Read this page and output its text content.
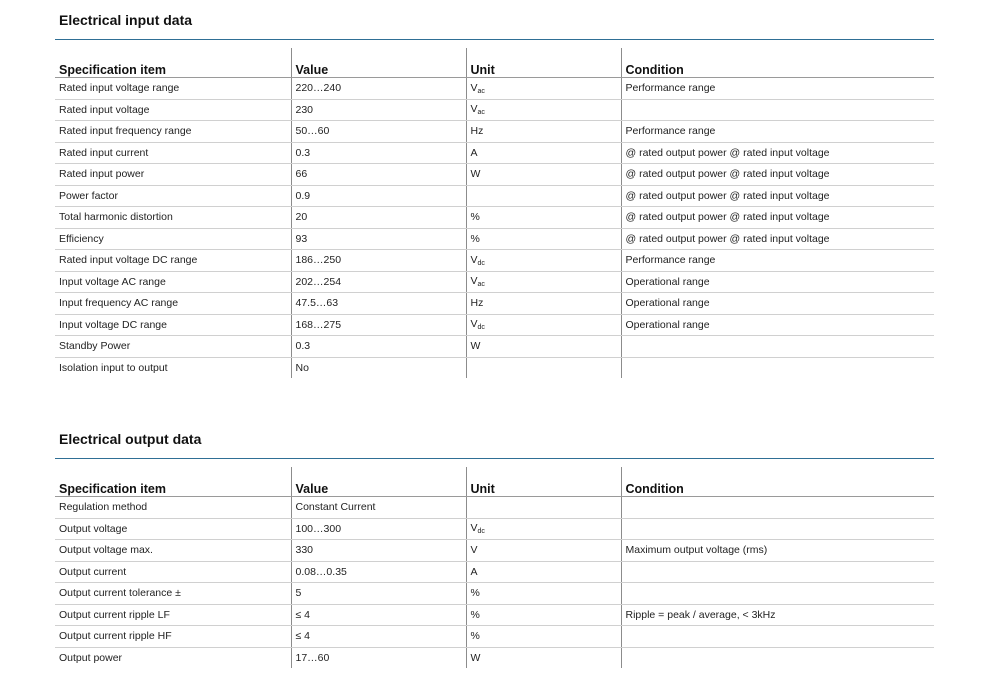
Electrical input data
Specification item	Value	Unit	Condition
Rated input voltage range	220…240	$V_{ac}$	Performance range
Rated input voltage	230	$V_{ac}$	
Rated input frequency range	50…60	Hz	Performance range
Rated input current	0.3	A	@ rated output power @ rated input voltage
Rated input power	66	W	@ rated output power @ rated input voltage
Power factor	0.9		@ rated output power @ rated input voltage
Total harmonic distortion	20	%	@ rated output power @ rated input voltage
Efficiency	93	%	@ rated output power @ rated input voltage
Rated input voltage DC range	186…250	$V_{dc}$	Performance range
Input voltage AC range	202…254	$V_{ac}$	Operational range
Input frequency AC range	47.5…63	Hz	Operational range
Input voltage DC range	168…275	$V_{dc}$	Operational range
Standby Power	0.3	W	
Isolation input to output	No		
Electrical output data
Specification item	Value	Unit	Condition
Regulation method	Constant Current		
Output voltage	100…300	$V_{dc}$	
Output voltage max.	330	V	Maximum output voltage (rms)
Output current	0.08…0.35	A	
Output current tolerance ±	5	%	
Output current ripple LF	≤ 4	%	Ripple = peak / average, < 3kHz
Output current ripple HF	≤ 4	%	
Output power	17…60	W	
